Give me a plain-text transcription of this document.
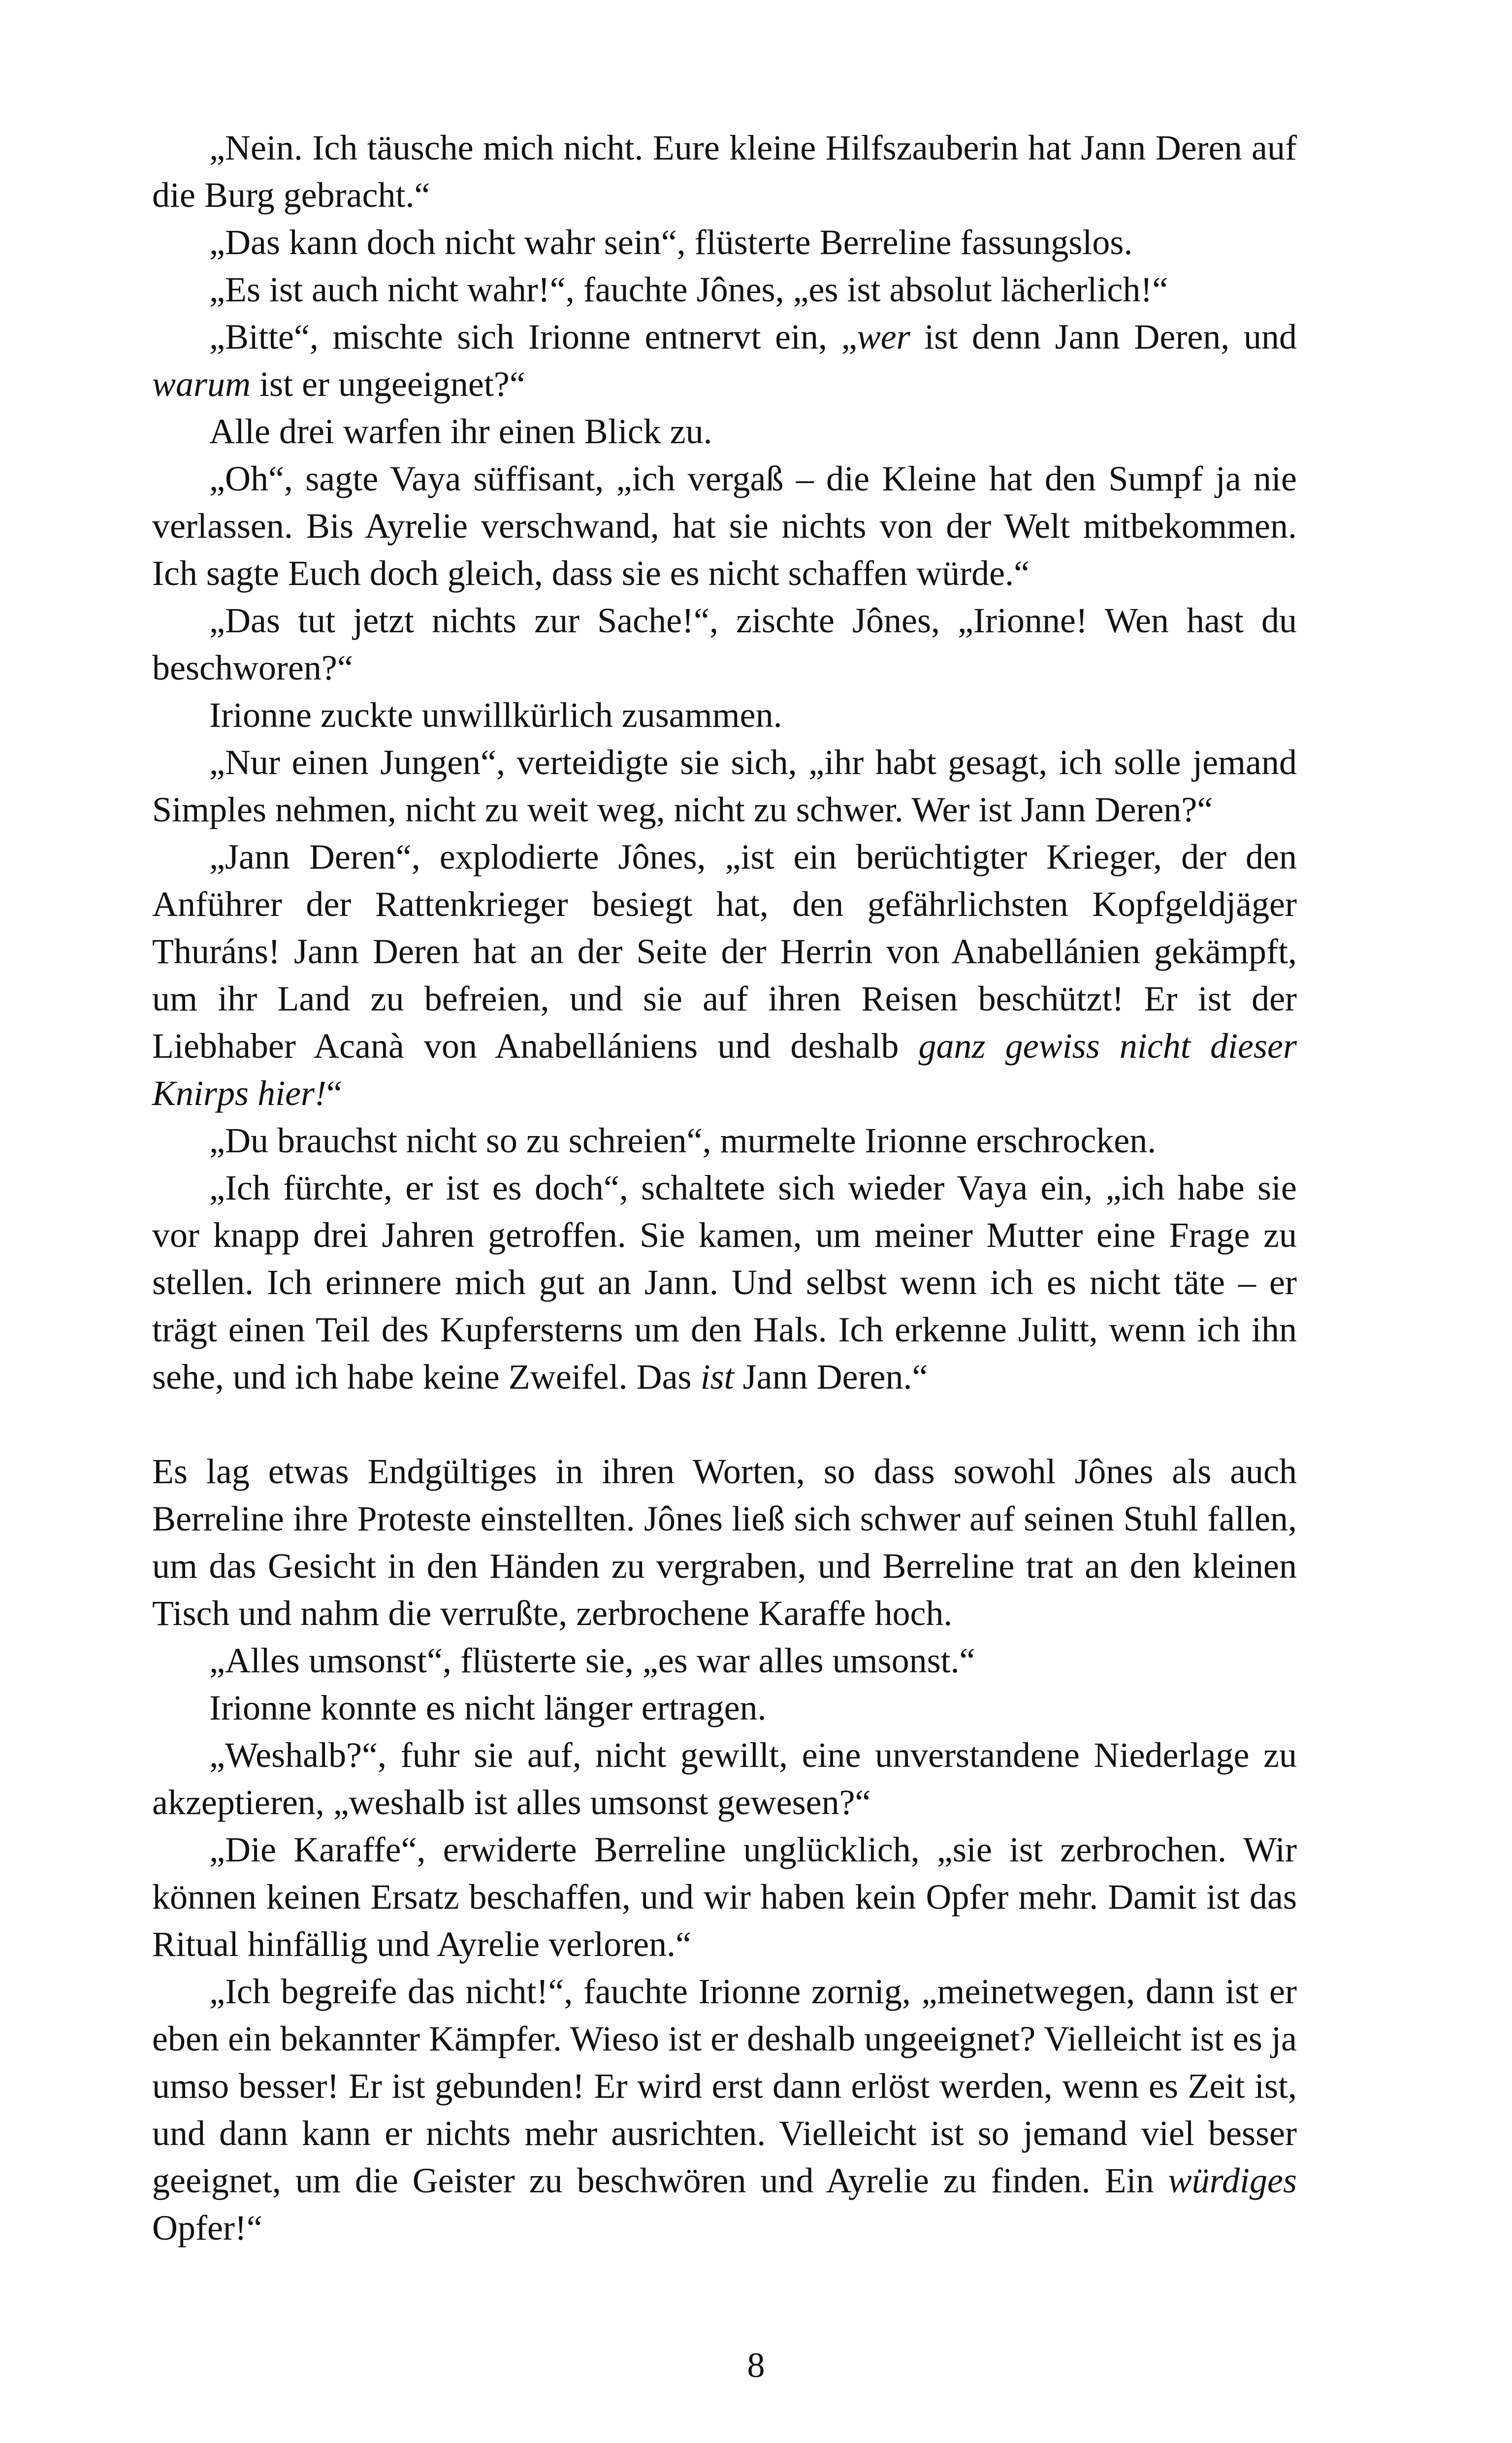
„Nein. Ich täusche mich nicht. Eure kleine Hilfszauberin hat Jann Deren auf die Burg gebracht.“

„Das kann doch nicht wahr sein“, flüsterte Berreline fassungslos.

„Es ist auch nicht wahr!“, fauchte Jônes, „es ist absolut lächerlich!“

„Bitte“, mischte sich Irionne entnervt ein, „wer ist denn Jann Deren, und warum ist er ungeeignet?“

Alle drei warfen ihr einen Blick zu.

„Oh“, sagte Vaya süffisant, „ich vergaß – die Kleine hat den Sumpf ja nie verlassen. Bis Ayrelie verschwand, hat sie nichts von der Welt mitbekommen. Ich sagte Euch doch gleich, dass sie es nicht schaffen würde.“

„Das tut jetzt nichts zur Sache!“, zischte Jônes, „Irionne! Wen hast du beschworen?“

Irionne zuckte unwillkürlich zusammen.

„Nur einen Jungen“, verteidigte sie sich, „ihr habt gesagt, ich solle jemand Simples nehmen, nicht zu weit weg, nicht zu schwer. Wer ist Jann Deren?“

„Jann Deren“, explodierte Jônes, „ist ein berüchtigter Krieger, der den Anführer der Rattenkrieger besiegt hat, den gefährlichsten Kopfgeldjäger Thuráns! Jann Deren hat an der Seite der Herrin von Anabellánien gekämpft, um ihr Land zu befreien, und sie auf ihren Reisen beschützt! Er ist der Liebhaber Acanà von Anabellániens und deshalb ganz gewiss nicht dieser Knirps hier!“

„Du brauchst nicht so zu schreien“, murmelte Irionne erschrocken.

„Ich fürchte, er ist es doch“, schaltete sich wieder Vaya ein, „ich habe sie vor knapp drei Jahren getroffen. Sie kamen, um meiner Mutter eine Frage zu stellen. Ich erinnere mich gut an Jann. Und selbst wenn ich es nicht täte – er trägt einen Teil des Kupfersterns um den Hals. Ich erkenne Julitt, wenn ich ihn sehe, und ich habe keine Zweifel. Das ist Jann Deren.“

Es lag etwas Endgültiges in ihren Worten, so dass sowohl Jônes als auch Berreline ihre Proteste einstellten. Jônes ließ sich schwer auf seinen Stuhl fallen, um das Gesicht in den Händen zu vergraben, und Berreline trat an den kleinen Tisch und nahm die verrußte, zerbrochene Karaffe hoch.

„Alles umsonst“, flüsterte sie, „es war alles umsonst.“

Irionne konnte es nicht länger ertragen.

„Weshalb?“, fuhr sie auf, nicht gewillt, eine unverstandene Niederlage zu akzeptieren, „weshalb ist alles umsonst gewesen?“

„Die Karaffe“, erwiderte Berreline unglücklich, „sie ist zerbrochen. Wir können keinen Ersatz beschaffen, und wir haben kein Opfer mehr. Damit ist das Ritual hinfällig und Ayrelie verloren.“

„Ich begreife das nicht!“, fauchte Irionne zornig, „meinetwegen, dann ist er eben ein bekannter Kämpfer. Wieso ist er deshalb ungeeignet? Vielleicht ist es ja umso besser! Er ist gebunden! Er wird erst dann erlöst werden, wenn es Zeit ist, und dann kann er nichts mehr ausrichten. Vielleicht ist so jemand viel besser geeignet, um die Geister zu beschwören und Ayrelie zu finden. Ein würdiges Opfer!“

8
